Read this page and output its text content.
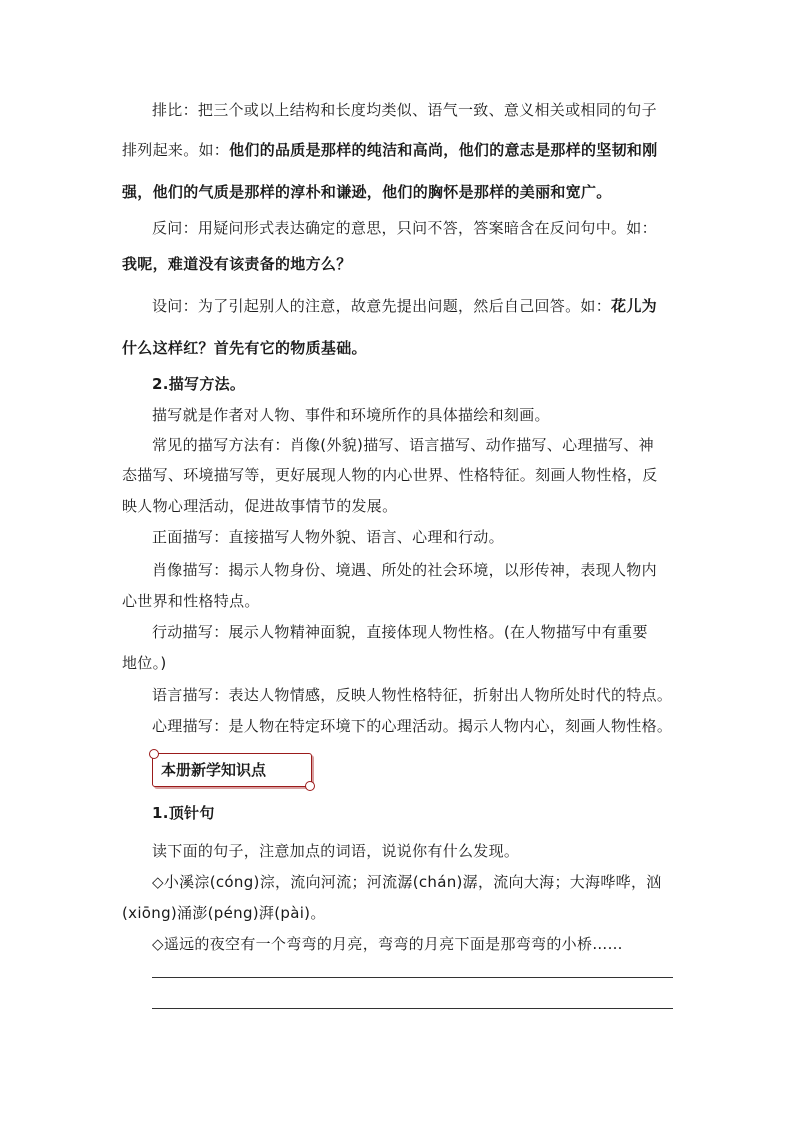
排比：把三个或以上结构和长度均类似、语气一致、意义相关或相同的句子
排列起来。如：他们的品质是那样的纯洁和高尚，他们的意志是那样的坚韧和刚
强，他们的气质是那样的淳朴和谦逊，他们的胸怀是那样的美丽和宽广。
反问：用疑问形式表达确定的意思，只问不答，答案暗含在反问句中。如：
我呢，难道没有该责备的地方么？
设问：为了引起别人的注意，故意先提出问题，然后自己回答。如：花儿为
什么这样红？首先有它的物质基础。
2.描写方法。
描写就是作者对人物、事件和环境所作的具体描绘和刻画。
常见的描写方法有：肖像(外貌)描写、语言描写、动作描写、心理描写、神
态描写、环境描写等，更好展现人物的内心世界、性格特征。刻画人物性格，反
映人物心理活动，促进故事情节的发展。
正面描写：直接描写人物外貌、语言、心理和行动。
肖像描写：揭示人物身份、境遇、所处的社会环境，以形传神，表现人物内
心世界和性格特点。
行动描写：展示人物精神面貌，直接体现人物性格。(在人物描写中有重要
地位。)
语言描写：表达人物情感，反映人物性格特征，折射出人物所处时代的特点。
心理描写：是人物在特定环境下的心理活动。揭示人物内心，刻画人物性格。
本册新学知识点
1.顶针句
读下面的句子，注意加点的词语，说说你有什么发现。
◇小溪淙(cóng)淙，流向河流；河流潺(chán)潺，流向大海；大海哗哗，汹
(xiōng)涌澎(péng)湃(pài)。
◇遥远的夜空有一个弯弯的月亮，弯弯的月亮下面是那弯弯的小桥……
